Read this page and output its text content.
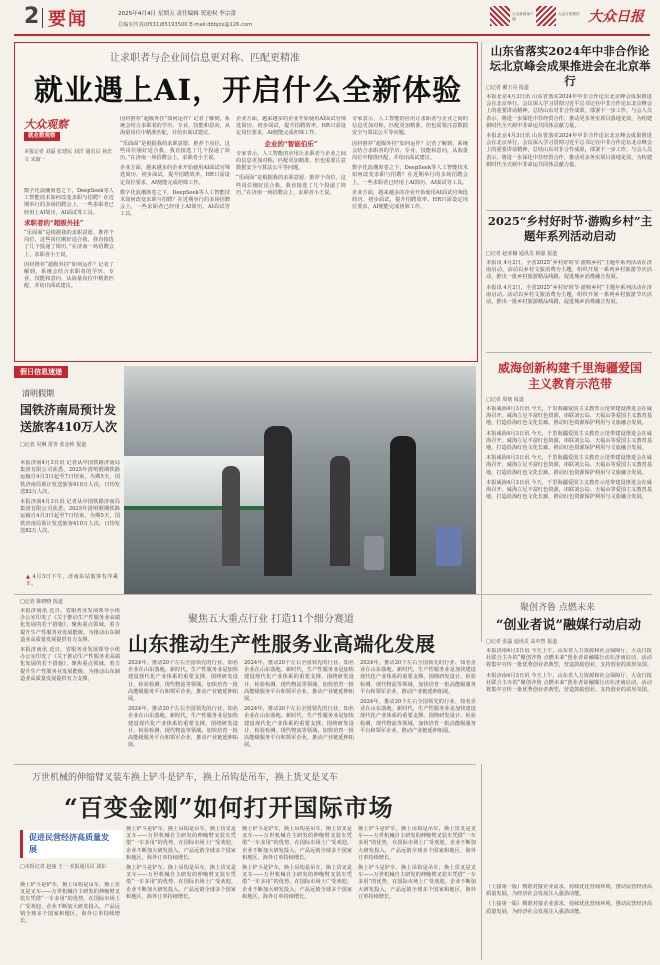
2 要闻	2025年4月4日 星期五 责任编辑 贺迎权 李宗蕾
总编室传真(0531)85193500 E-mail:dbbjzx@126.com
大众新闻客户端
大众日报微信 大众日报
让求职者与企业间信息更对称、匹配更精准
就业遇上AI，开启什么全新体验
大众观察
就业数观察
本报记者 刘磊 张建民 刘洋 通讯员 孙忠文 宋淑一

数字化浪潮席卷之下，DeepSeek等人工智能技术如何改变求职与招聘？在近期举行的多场招聘会上，一些求职者已经用上AI简历、AI面试等工具。

求职者的“超级外挂”

“乐面面”是根据我的求职意愿、推荐个岗位，这些岗位刚好适合我，我直接选了几个投递了简历。”在济南一场招聘会上，求职者小王说。

因材推荐“超级外挂”如何运作？记者了解到，系统会结合求职者的学历、专业、技能和意向，从海量岗位中精准匹配，并给出面试建议。

因材推荐“超级外挂”如何运作？记者了解到，系统会结合求职者的学历、专业、技能和意向，从海量岗位中精准匹配，并给出面试建议。

“乐面面”是根据我的求职意愿、推荐个岗位，这些岗位刚好适合我，我直接选了几个投递了简历。”在济南一场招聘会上，求职者小王说。

企业方面，越来越多的企业开始使用AI面试官筛选简历、初步面试，提升招聘效率。HR只需设定岗位要求，AI便能完成初筛工作。

数字化浪潮席卷之下，DeepSeek等人工智能技术如何改变求职与招聘？在近期举行的多场招聘会上，一些求职者已经用上AI简历、AI面试等工具。

企业方面，越来越多的企业开始使用AI面试官筛选简历、初步面试，提升招聘效率。HR只需设定岗位要求，AI便能完成初筛工作。

企业的“智能伯乐”

专家表示，人工智能的应用让求职者与企业之间的信息更加对称，匹配更加精准，但也需要注意数据安全与算法公平等问题。

“乐面面”是根据我的求职意愿、推荐个岗位，这些岗位刚好适合我，我直接选了几个投递了简历。”在济南一场招聘会上，求职者小王说。

专家表示，人工智能的应用让求职者与企业之间的信息更加对称，匹配更加精准，但也需要注意数据安全与算法公平等问题。

因材推荐“超级外挂”如何运作？记者了解到，系统会结合求职者的学历、专业、技能和意向，从海量岗位中精准匹配，并给出面试建议。

数字化浪潮席卷之下，DeepSeek等人工智能技术如何改变求职与招聘？在近期举行的多场招聘会上，一些求职者已经用上AI简历、AI面试等工具。

企业方面，越来越多的企业开始使用AI面试官筛选简历、初步面试，提升招聘效率。HR只需设定岗位要求，AI便能完成初筛工作。

山东省落实2024年中非合作论坛北京峰会成果推进会在北京举行
□记者 戴玉亮 报道

本报北京4月3日讯 山东省落实2024年中非合作论坛北京峰会成果推进会在北京举行。会议深入学习贯彻习近平总书记在中非合作论坛北京峰会上的重要讲话精神，总结山东对非合作成果，部署下一步工作。与会人员表示，将进一步深化中非经贸合作，推动更多务实项目落地见效，为构建新时代全天候中非命运共同体贡献力量。

本报北京4月3日讯 山东省落实2024年中非合作论坛北京峰会成果推进会在北京举行。会议深入学习贯彻习近平总书记在中非合作论坛北京峰会上的重要讲话精神，总结山东对非合作成果，部署下一步工作。与会人员表示，将进一步深化中非经贸合作，推动更多务实项目落地见效，为构建新时代全天候中非命运共同体贡献力量。

2025“乡村好时节·游购乡村”主题年系列活动启动
□记者 赵亚楠 通讯员 韩强 报道

本报讯 4月2日，全省2025“乡村好时节·游购乡村”主题年系列活动在济南启动。活动以乡村文旅消费为主题，组织开展一系列乡村旅游节庆活动，推出一批乡村旅游精品线路，促进城乡消费融合发展。

本报讯 4月2日，全省2025“乡村好时节·游购乡村”主题年系列活动在济南启动。活动以乡村文旅消费为主题，组织开展一系列乡村旅游节庆活动，推出一批乡村旅游精品线路，促进城乡消费融合发展。

威海创新构建千里海疆爱国主义教育示范带
□记者 周韧 报道

本报威海4月3日讯 今天，千里海疆爱国主义教育示范带建设推进会在威海召开。威海立足丰富红色资源，串联刘公岛、天福山等爱国主义教育基地，打造沿海红色文化长廊，推动红色资源保护利用与文旅融合发展。

本报威海4月3日讯 今天，千里海疆爱国主义教育示范带建设推进会在威海召开。威海立足丰富红色资源，串联刘公岛、天福山等爱国主义教育基地，打造沿海红色文化长廊，推动红色资源保护利用与文旅融合发展。

本报威海4月3日讯 今天，千里海疆爱国主义教育示范带建设推进会在威海召开。威海立足丰富红色资源，串联刘公岛、天福山等爱国主义教育基地，打造沿海红色文化长廊，推动红色资源保护利用与文旅融合发展。

本报威海4月3日讯 今天，千里海疆爱国主义教育示范带建设推进会在威海召开。威海立足丰富红色资源，串联刘公岛、天福山等爱国主义教育基地，打造沿海红色文化长廊，推动红色资源保护利用与文旅融合发展。

假日信息速递
清明假期
国铁济南局预计发送旅客410万人次
□记者 吴琳 常青 张金岭 报道

本报济南4月3日讯 记者从中国铁路济南局集团有限公司获悉，2025年清明假期铁路运输自4月3日起至7日结束，为期5天，国铁济南局预计发送旅客410万人次，日均发送82万人次。

本报济南4月3日讯 记者从中国铁路济南局集团有限公司获悉，2025年清明假期铁路运输自4月3日起至7日结束，为期5天，国铁济南局预计发送旅客410万人次，日均发送82万人次。

▲ 4月3日下午，济南东站旅客有序乘车。
□记者 陈晓晓 报道

本报济南讯 近日，省服务业发展领导小组办公室印发了《关于推动生产性服务业高端化发展的若干措施》，聚焦重点领域，着力提升生产性服务业发展能级，为推动山东制造业高质量发展提供有力支撑。

本报济南讯 近日，省服务业发展领导小组办公室印发了《关于推动生产性服务业高端化发展的若干措施》，聚焦重点领域，着力提升生产性服务业发展能级，为推动山东制造业高质量发展提供有力支撑。

聚焦五大重点行业 打造11个细分赛道
山东推动生产性服务业高端化发展

2024年，推动20个左右全国领先的行业、知名企业在山东落地。新时代，生产性服务业是加快建设现代化产业体系的重要支撑。围绕研发设计、检验检测、现代物流等领域，加快培育一批高能级服务平台和领军企业，推动产业链延伸拓展。

2024年，推动20个左右全国领先的行业、知名企业在山东落地。新时代，生产性服务业是加快建设现代化产业体系的重要支撑。围绕研发设计、检验检测、现代物流等领域，加快培育一批高能级服务平台和领军企业，推动产业链延伸拓展。

2024年，推动20个左右全国领先的行业、知名企业在山东落地。新时代，生产性服务业是加快建设现代化产业体系的重要支撑。围绕研发设计、检验检测、现代物流等领域，加快培育一批高能级服务平台和领军企业，推动产业链延伸拓展。

2024年，推动20个左右全国领先的行业、知名企业在山东落地。新时代，生产性服务业是加快建设现代化产业体系的重要支撑。围绕研发设计、检验检测、现代物流等领域，加快培育一批高能级服务平台和领军企业，推动产业链延伸拓展。

2024年，推动20个左右全国领先的行业、知名企业在山东落地。新时代，生产性服务业是加快建设现代化产业体系的重要支撑。围绕研发设计、检验检测、现代物流等领域，加快培育一批高能级服务平台和领军企业，推动产业链延伸拓展。

2024年，推动20个左右全国领先的行业、知名企业在山东落地。新时代，生产性服务业是加快建设现代化产业体系的重要支撑。围绕研发设计、检验检测、现代物流等领域，加快培育一批高能级服务平台和领军企业，推动产业链延伸拓展。

聚创齐鲁 点燃未来
“创业者说”融媒行动启动
□记者 张磊 通讯员 高中智 报道

本报济南4月3日讯 今天上午，山东省人力资源和社会保障厅、大众日报社联合主办的“聚创齐鲁 点燃未来”创业者说融媒行动在济南启动。活动将集中宣传一批优秀创业者典型，营造鼓励创业、支持创业的浓厚氛围。

本报济南4月3日讯 今天上午，山东省人力资源和社会保障厅、大众日报社联合主办的“聚创齐鲁 点燃未来”创业者说融媒行动在济南启动。活动将集中宣传一批优秀创业者典型，营造鼓励创业、支持创业的浓厚氛围。

万世机械的伸缩臂叉装车换上铲斗是铲车，换上吊钩是吊车，换上货叉是叉车
“百变金刚”如何打开国际市场
促进民营经济高质量发展
□本报记者 赵丽 王一 本报通讯员 刘东

换上铲斗是铲车，换上吊钩是吊车，换上货叉是叉车——万世机械自主研发的伸缩臂叉装车凭借“一车多用”的优势，在国际市场上广受欢迎。企业不断加大研发投入，产品远销全球多个国家和地区，海外订单持续增长。

换上铲斗是铲车，换上吊钩是吊车，换上货叉是叉车——万世机械自主研发的伸缩臂叉装车凭借“一车多用”的优势，在国际市场上广受欢迎。企业不断加大研发投入，产品远销全球多个国家和地区，海外订单持续增长。

换上铲斗是铲车，换上吊钩是吊车，换上货叉是叉车——万世机械自主研发的伸缩臂叉装车凭借“一车多用”的优势，在国际市场上广受欢迎。企业不断加大研发投入，产品远销全球多个国家和地区，海外订单持续增长。

换上铲斗是铲车，换上吊钩是吊车，换上货叉是叉车——万世机械自主研发的伸缩臂叉装车凭借“一车多用”的优势，在国际市场上广受欢迎。企业不断加大研发投入，产品远销全球多个国家和地区，海外订单持续增长。

换上铲斗是铲车，换上吊钩是吊车，换上货叉是叉车——万世机械自主研发的伸缩臂叉装车凭借“一车多用”的优势，在国际市场上广受欢迎。企业不断加大研发投入，产品远销全球多个国家和地区，海外订单持续增长。

换上铲斗是铲车，换上吊钩是吊车，换上货叉是叉车——万世机械自主研发的伸缩臂叉装车凭借“一车多用”的优势，在国际市场上广受欢迎。企业不断加大研发投入，产品远销全球多个国家和地区，海外订单持续增长。

换上铲斗是铲车，换上吊钩是吊车，换上货叉是叉车——万世机械自主研发的伸缩臂叉装车凭借“一车多用”的优势，在国际市场上广受欢迎。企业不断加大研发投入，产品远销全球多个国家和地区，海外订单持续增长。

（上接第一版）精准对接企业需求，持续优化营商环境，推动民营经济高质量发展，为经济社会发展注入强劲动能。

（上接第一版）精准对接企业需求，持续优化营商环境，推动民营经济高质量发展，为经济社会发展注入强劲动能。
